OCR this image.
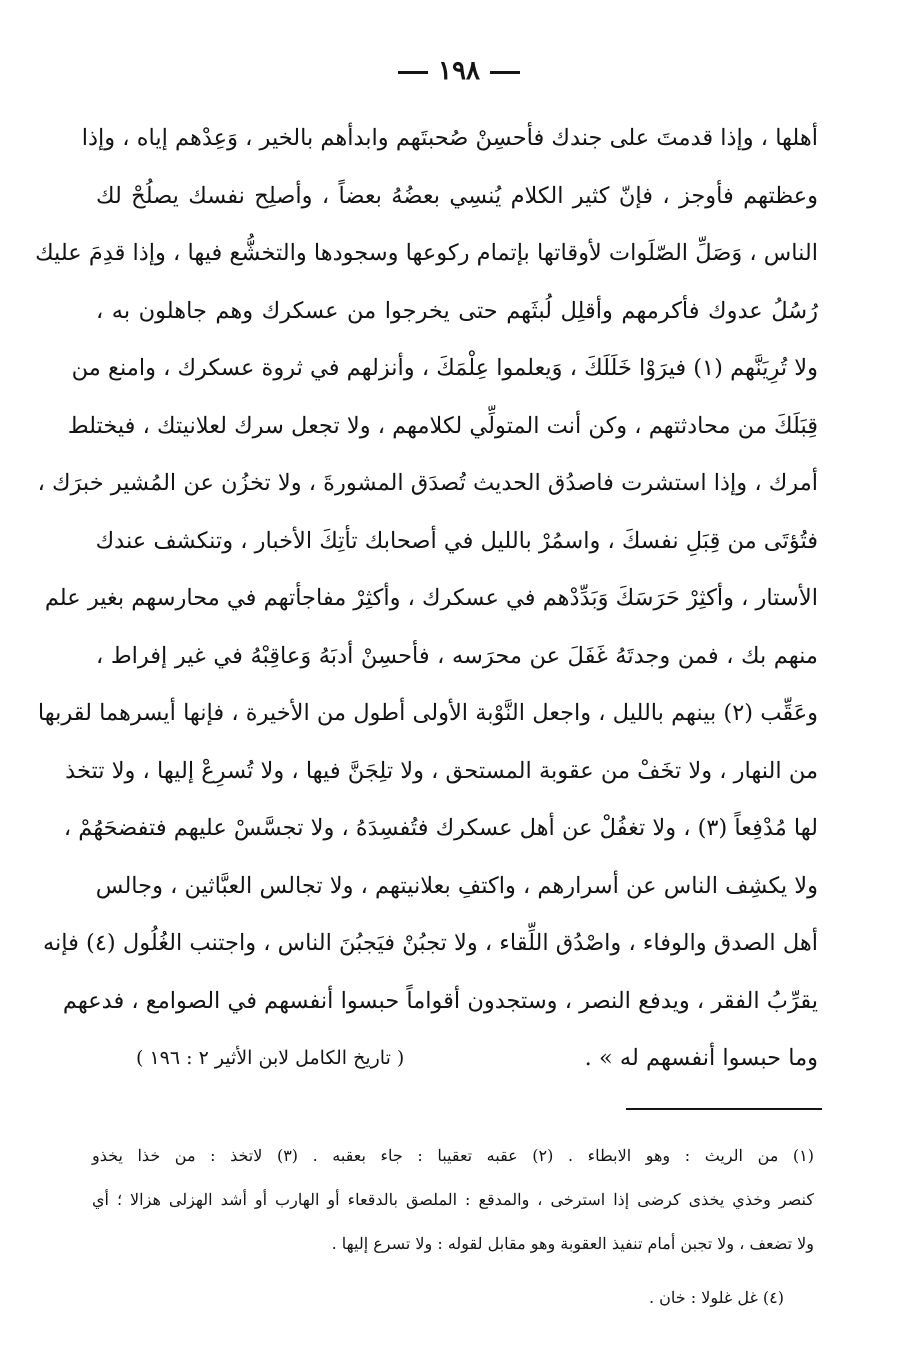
١٩٨
أهلها ، وإذا قدمتَ على جندك فأحسِنْ صُحبتَهم وابدأهم بالخير ، وَعِدْهم إياه ، وإذا
وعظتهم فأوجز ، فإنّ كثير الكلام يُنسِي بعضُهُ بعضاً ، وأصلِح نفسك يصلُحْ لك
الناس ، وَصَلِّ الصّلَوات لأوقاتها بإتمام ركوعها وسجودها والتخشُّع فيها ، وإذا قدِمَ عليك
رُسُلُ عدوك فأكرمهم وأقلِل لُبثَهم حتى يخرجوا من عسكرك وهم جاهلون به ،
ولا تُرِيَنَّهم (١) فيرَوْا خَلَلَكَ ، وَيعلموا عِلْمَكَ ، وأنزلهم في ثروة عسكرك ، وامنع من
قِبَلَكَ من محادثتهم ، وكن أنت المتولِّي لكلامهم ، ولا تجعل سرك لعلانيتك ، فيختلط
أمرك ، وإذا استشرت فاصدُق الحديث تُصدَق المشورةَ ، ولا تخزُن عن المُشير خبرَك ،
فتُؤتَى من قِبَلِ نفسكَ ، واسمُرْ بالليل في أصحابك تأتِكَ الأخبار ، وتنكشف عندك
الأستار ، وأكثِرْ حَرَسَكَ وَبَدِّدْهم في عسكرك ، وأكثِرْ مفاجأتهم في محارسهم بغير علم
منهم بك ، فمن وجدتَهُ غَفَلَ عن محرَسه ، فأحسِنْ أدبَهُ وَعاقِبْهُ في غير إفراط ،
وعَقِّب (٢) بينهم بالليل ، واجعل النَّوْبة الأولى أطول من الأخيرة ، فإنها أيسرهما لقربها
من النهار ، ولا تخَفْ من عقوبة المستحق ، ولا تلِجَنَّ فيها ، ولا تُسرِعْ إليها ، ولا تتخذ
لها مُدْفِعاً (٣) ، ولا تغفُلْ عن أهل عسكرك فتُفسِدَهُ ، ولا تجسَّسْ عليهم فتفضحَهُمْ ،
ولا يكشِف الناس عن أسرارهم ، واكتفِ بعلانيتهم ، ولا تجالس العبَّاثين ، وجالس
أهل الصدق والوفاء ، واصْدُق اللِّقاء ، ولا تجبُنْ فيَجبُنَ الناس ، واجتنب الغُلُول (٤) فإنه
يقرِّبُ الفقر ، ويدفع النصر ، وستجدون أقواماً حبسوا أنفسهم في الصوامع ، فدعهم
وما حبسوا أنفسهم له » .
( تاريخ الكامل لابن الأثير ٢ : ١٩٦ )
(١) من الريث : وهو الابطاء . (٢) عقبه تعقيبا : جاء بعقبه . (٣) لاتخذ : من خذا يخذو
كنصر وخذي يخذى كرضى إذا استرخى ، والمدقع : الملصق بالدقعاء أو الهارب أو أشد الهزلى هزالا ؛ أي
ولا تضعف ، ولا تجبن أمام تنفيذ العقوبة وهو مقابل لقوله : ولا تسرع إليها .
(٤) غل غلولا : خان .
